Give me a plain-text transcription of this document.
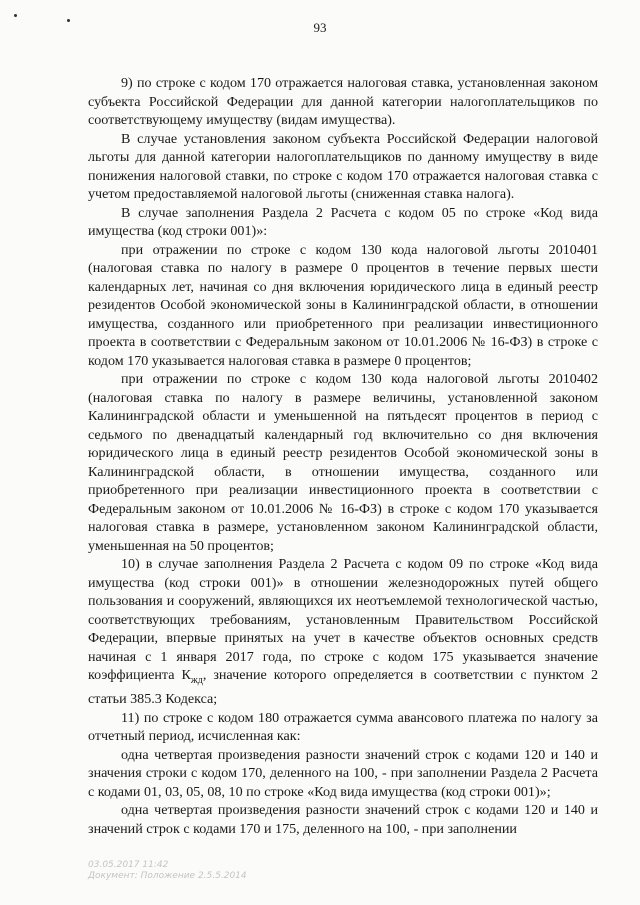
93

9) по строке с кодом 170 отражается налоговая ставка, установленная законом субъекта Российской Федерации для данной категории налогоплательщиков по соответствующему имуществу (видам имущества).

В случае установления законом субъекта Российской Федерации налоговой льготы для данной категории налогоплательщиков по данному имуществу в виде понижения налоговой ставки, по строке с кодом 170 отражается налоговая ставка с учетом предоставляемой налоговой льготы (сниженная ставка налога).

В случае заполнения Раздела 2 Расчета с кодом 05 по строке «Код вида имущества (код строки 001)»:

при отражении по строке с кодом 130 кода налоговой льготы 2010401 (налоговая ставка по налогу в размере 0 процентов в течение первых шести календарных лет, начиная со дня включения юридического лица в единый реестр резидентов Особой экономической зоны в Калининградской области, в отношении имущества, созданного или приобретенного при реализации инвестиционного проекта в соответствии с Федеральным законом от 10.01.2006 № 16-ФЗ) в строке с кодом 170 указывается налоговая ставка в размере 0 процентов;

при отражении по строке с кодом 130 кода налоговой льготы 2010402 (налоговая ставка по налогу в размере величины, установленной законом Калининградской области и уменьшенной на пятьдесят процентов в период с седьмого по двенадцатый календарный год включительно со дня включения юридического лица в единый реестр резидентов Особой экономической зоны в Калининградской области, в отношении имущества, созданного или приобретенного при реализации инвестиционного проекта в соответствии с Федеральным законом от 10.01.2006 № 16-ФЗ) в строке с кодом 170 указывается налоговая ставка в размере, установленном законом Калининградской области, уменьшенная на 50 процентов;

10) в случае заполнения Раздела 2 Расчета с кодом 09 по строке «Код вида имущества (код строки 001)» в отношении железнодорожных путей общего пользования и сооружений, являющихся их неотъемлемой технологической частью, соответствующих требованиям, установленным Правительством Российской Федерации, впервые принятых на учет в качестве объектов основных средств начиная с 1 января 2017 года, по строке с кодом 175 указывается значение коэффициента $К_{жд}$, значение которого определяется в соответствии с пунктом 2 статьи 385.3 Кодекса;

11) по строке с кодом 180 отражается сумма авансового платежа по налогу за отчетный период, исчисленная как:

одна четвертая произведения разности значений строк с кодами 120 и 140 и значения строки с кодом 170, деленного на 100, - при заполнении Раздела 2 Расчета с кодами 01, 03, 05, 08, 10 по строке «Код вида имущества (код строки 001)»;

одна четвертая произведения разности значений строк с кодами 120 и 140 и значений строк с кодами 170 и 175, деленного на 100, - при заполнении

03.05.2017 11:42
Документ: Положение 2.5.5.2014
